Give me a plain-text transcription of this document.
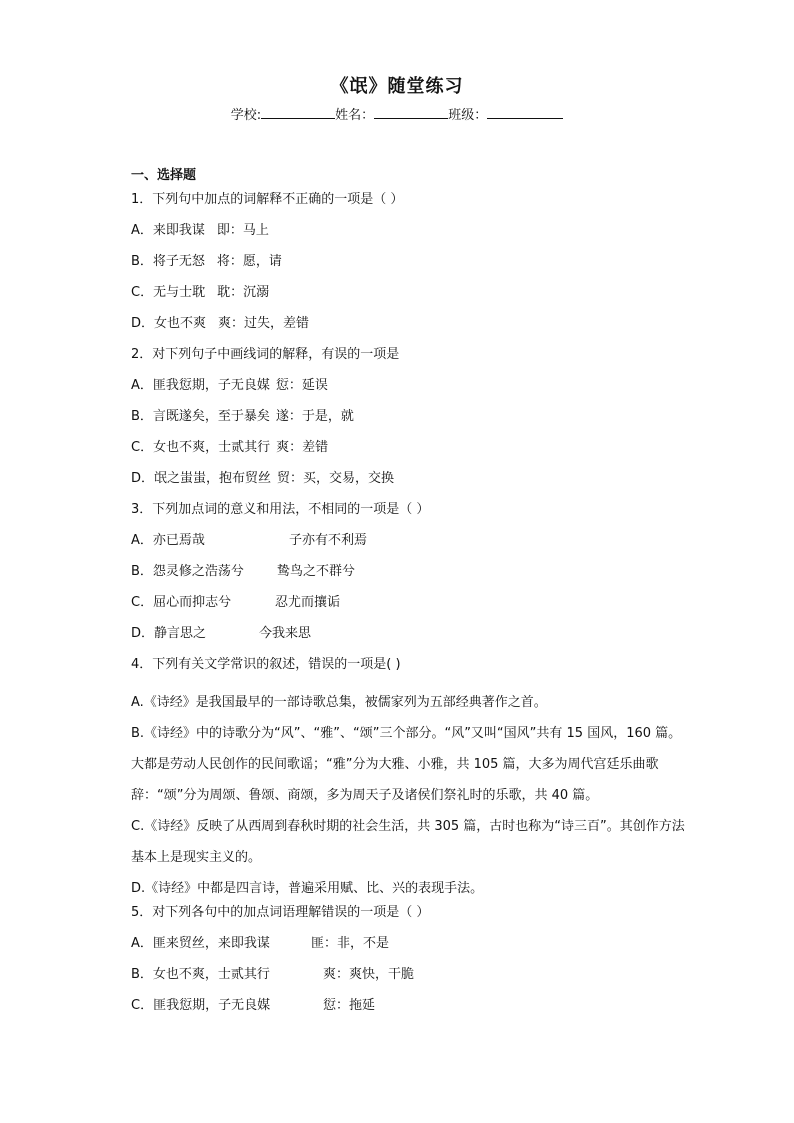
《氓》随堂练习
学校:	姓名：	班级：
一、选择题
1．下列句中加点的词解释不正确的一项是（ ）
A．来即我谋 即：马上
B．将子无怒 将：愿，请
C．无与士耽 耽：沉溺
D．女也不爽 爽：过失，差错
2．对下列句子中画线词的解释，有误的一项是
A．匪我愆期，子无良媒 愆：延误
B．言既遂矣，至于暴矣 遂：于是，就
C．女也不爽，士贰其行 爽：差错
D．氓之蚩蚩，抱布贸丝 贸：买，交易，交换
3．下列加点词的意义和用法，不相同的一项是（ ）
A．亦已焉哉	子亦有不利焉
B．怨灵修之浩荡兮	鸷鸟之不群兮
C．屈心而抑志兮	忍尤而攘诟
D．静言思之	今我来思
4．下列有关文学常识的叙述，错误的一项是( )

A.《诗经》是我国最早的一部诗歌总集，被儒家列为五部经典著作之首。

B.《诗经》中的诗歌分为“风”、“雅”、“颂”三个部分。“风”又叫“国风”共有 15 国风，160 篇。大都是劳动人民创作的民间歌谣；“雅”分为大雅、小雅，共 105 篇，大多为周代宫廷乐曲歌辞：“颂”分为周颂、鲁颂、商颂，多为周天子及诸侯们祭礼时的乐歌，共 40 篇。

C.《诗经》反映了从西周到春秋时期的社会生活，共 305 篇，古时也称为“诗三百”。其创作方法基本上是现实主义的。

D.《诗经》中都是四言诗，普遍采用赋、比、兴的表现手法。

5．对下列各句中的加点词语理解错误的一项是（ ）
A．匪来贸丝，来即我谋	匪：非，不是
B．女也不爽，士贰其行	爽：爽快，干脆
C．匪我愆期，子无良媒	愆：拖延
